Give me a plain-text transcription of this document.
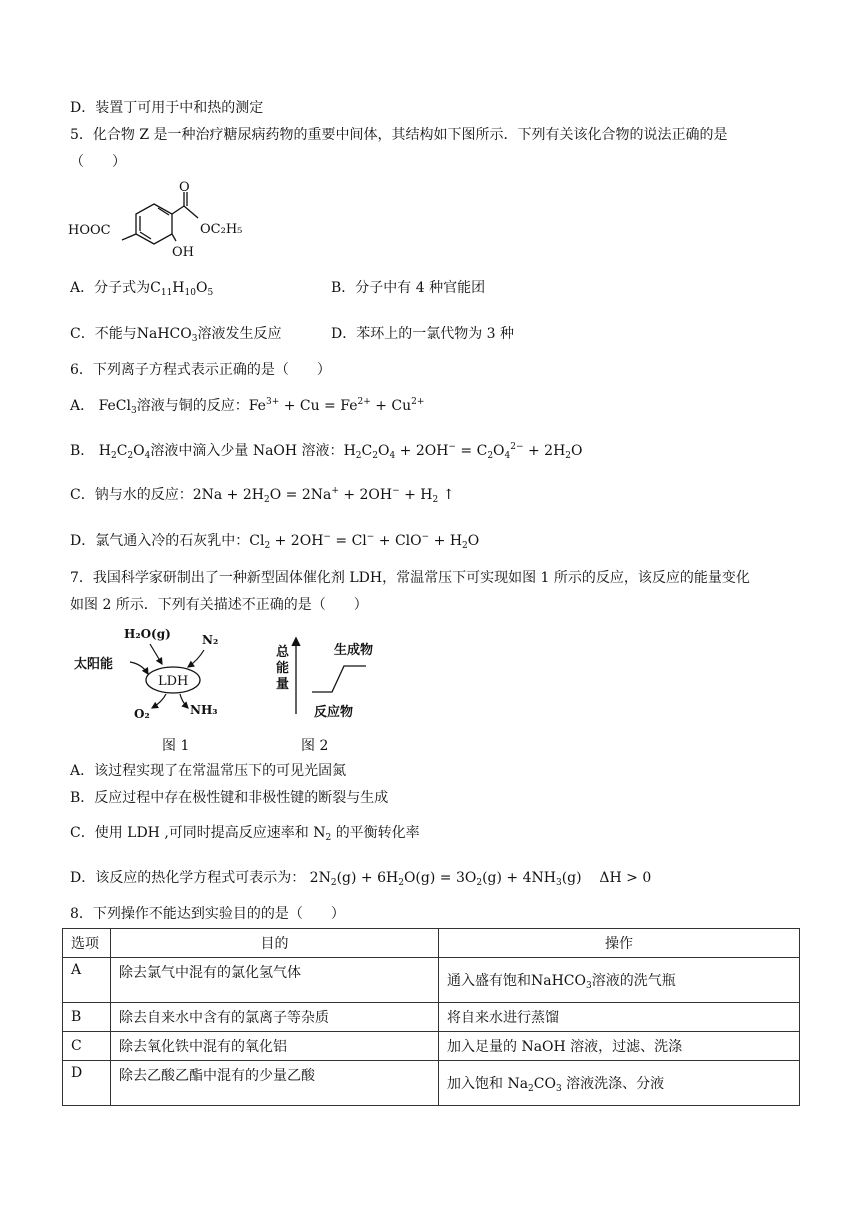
D．装置丁可用于中和热的测定
5．化合物 Z 是一种治疗糖尿病药物的重要中间体，其结构如下图所示．下列有关该化合物的说法正确的是
（　　）
HOOC
O
OC₂H₅
OH
A．分子式为$C_{11}H_{10}O_5$	B．分子中有 4 种官能团
C．不能与NaHCO$_3$溶液发生反应	D．苯环上的一氯代物为 3 种
6．下列离子方程式表示正确的是（　　）
A． FeCl$_3$溶液与铜的反应：$Fe^{3+} + Cu = Fe^{2+} + Cu^{2+}$
B． $H_2C_2O_4$溶液中滴入少量 NaOH 溶液：$H_2C_2O_4 + 2OH^- = C_2O_4^{2-} + 2H_2O$
C．钠与水的反应：$2Na + 2H_2O = 2Na^+ + 2OH^- + H_2$ ↑
D．氯气通入冷的石灰乳中：$Cl_2 + 2OH^- = Cl^- + ClO^- + H_2O$
7．我国科学家研制出了一种新型固体催化剂 LDH，常温常压下可实现如图 1 所示的反应，该反应的能量变化
如图 2 所示．下列有关描述不正确的是（　　）
LDH
太阳能
H₂O(g)	N₂
O₂	NH₃
总 能 量
生成物
反应物
图 1	图 2
A．该过程实现了在常温常压下的可见光固氮
B．反应过程中存在极性键和非极性键的断裂与生成
C．使用 LDH ,可同时提高反应速率和 $N_2$ 的平衡转化率
D．该反应的热化学方程式可表示为： $2N_2(g) + 6H_2O(g) = 3O_2(g) + 4NH_3(g)$    ΔH > 0
8．下列操作不能达到实验目的的是（　　）
选项	目的	操作
A	除去氯气中混有的氯化氢气体	通入盛有饱和NaHCO$_3$溶液的洗气瓶
B	除去自来水中含有的氯离子等杂质	将自来水进行蒸馏
C	除去氧化铁中混有的氧化铝	加入足量的 NaOH 溶液，过滤、洗涤
D	除去乙酸乙酯中混有的少量乙酸	加入饱和 $Na_2CO_3$ 溶液洗涤、分液
